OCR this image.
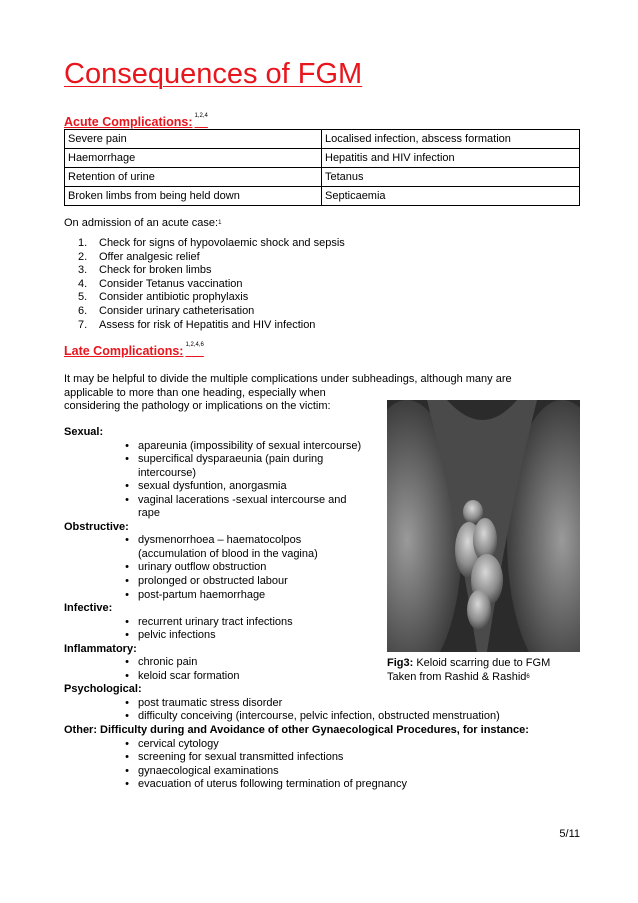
Consequences of FGM
Acute Complications: $^{1,2,4}$
Severe pain	Localised infection, abscess formation
Haemorrhage	Hepatitis and HIV infection
Retention of urine	Tetanus
Broken limbs from being held down	Septicaemia
On admission of an acute case:$^1$
1.	Check for signs of hypovolaemic shock and sepsis
2.	Offer analgesic relief
3.	Check for broken limbs
4.	Consider Tetanus vaccination
5.	Consider antibiotic prophylaxis
6.	Consider urinary catheterisation
7.	Assess for risk of Hepatitis and HIV infection
Late Complications: $^{1,2,4,6}$
It may be helpful to divide the multiple complications under subheadings, although many are
applicable to more than one heading, especially when
considering the pathology or implications on the victim:
Fig3: Keloid scarring due to FGM
Taken from Rashid & Rashid$^6$
Sexual:
• apareunia (impossibility of sexual intercourse)
• supercifical dysparaeunia (pain during
intercourse)
• sexual dysfuntion, anorgasmia
• vaginal lacerations -sexual intercourse and
rape
Obstructive:
• dysmenorrhoea – haematocolpos
(accumulation of blood in the vagina)
• urinary outflow obstruction
• prolonged or obstructed labour
• post-partum haemorrhage
Infective:
• recurrent urinary tract infections
• pelvic infections
Inflammatory:
• chronic pain
• keloid scar formation
Psychological:
• post traumatic stress disorder
• difficulty conceiving (intercourse, pelvic infection, obstructed menstruation)
Other: Difficulty during and Avoidance of other Gynaecological Procedures, for instance:
• cervical cytology
• screening for sexual transmitted infections
• gynaecological examinations
• evacuation of uterus following termination of pregnancy
5/11
